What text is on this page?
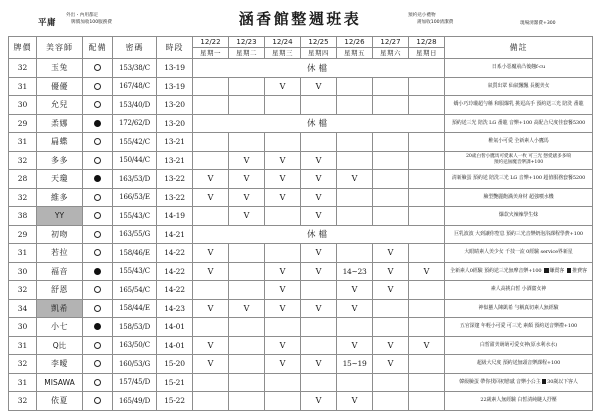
平庸
外出・內用都定
牌價加收100服務費	涵香館整週班表	預約送小禮物
需加收100清潔費	現場清潔費+300
牌價	美容師	配備	密碼	時段	12/22	12/23	12/24	12/25	12/26	12/27	12/28	備註
					星期一	星期二	星期三	星期四	星期五	星期六	星期日	
32	玉兔		153/38/C	13-19	休檔							日系小惡魔前凸後翹f·cu
31	優優		167/48/C	13-19			V	V				氣質出眾 仙氣飄飄 長腿美女
30	允兒		153/40/D	13-20								嬌小巧玲瓏超勻稱 和服爆乳 挑逗高手 預約送三光 陪洗 番龍
29	柔娜		172/62/D	13-20	休檔							預約送三光 陪洗 LG 番龍 音樂+100 高配合尺度佳套餐5300
31	扁蝶		155/42/C	13-21								稚氣小可愛 全新素人小鷹馬
32	多多		150/44/C	13-21		V	V	V				20歲白皙小鷹馬可愛素人一枚 可三光 戀愛感多多唷
預約送無魔音樂課+100
28	天瓊		163/53/D	13-22	V	V	V	V	V			清新臉蛋 預約送 陪洗三光 LG 音樂+100 超值服務套餐5200
32	維多		166/53/E	13-22	V	V	V	V				臉型艷麗飽滿美身材 超強噴水機
38	YY		155/43/C	14-19		V		V				爆款火辣辣學生妹
29	初吻		163/55/G	14-21	休檔							巨乳波波 大到讓你窒息 預約三光音樂奶泡浴課程學費+100
31	若拉		158/46/E	14-22	V			V		V		大眼睛素人美少女 千技一流 0經驗 service界新星
30	福音		155/43/C	14-22	V		V	V	14~23	V	V	全新素人0經驗 預約送三光無摩音樂+100 賺賣客 推費客
32	舒恩		165/54/C	14-22			V		V	V		素人高挑白皙 小酒窩女神
34	凱希		158/44/E	14-23	V	V	V	V	V			神似藝人陳凱希 勻稱真切素人無經驗
30	小七		158/53/D	14-01								五官深邃 年輕小可愛 可三光 素顏 預約送音樂禮+100
31	Q比		163/50/C	14-01	V		V		V	V	V	白皙甜美萌萌可愛女神(原水利水水)
32	李曖		160/53/G	15-20	V		V	V	15~19	V		超級大尺度 預約送無頭音樂課程+100
31	MISAWA		157/45/D	15-21								韓級臉蛋 帶你找回初戀感 音樂小公主 30歲以下客人
32	依夏		165/49/D	15-22				V	V			22歲素人無經驗 白皙清純瞇入抒壓
